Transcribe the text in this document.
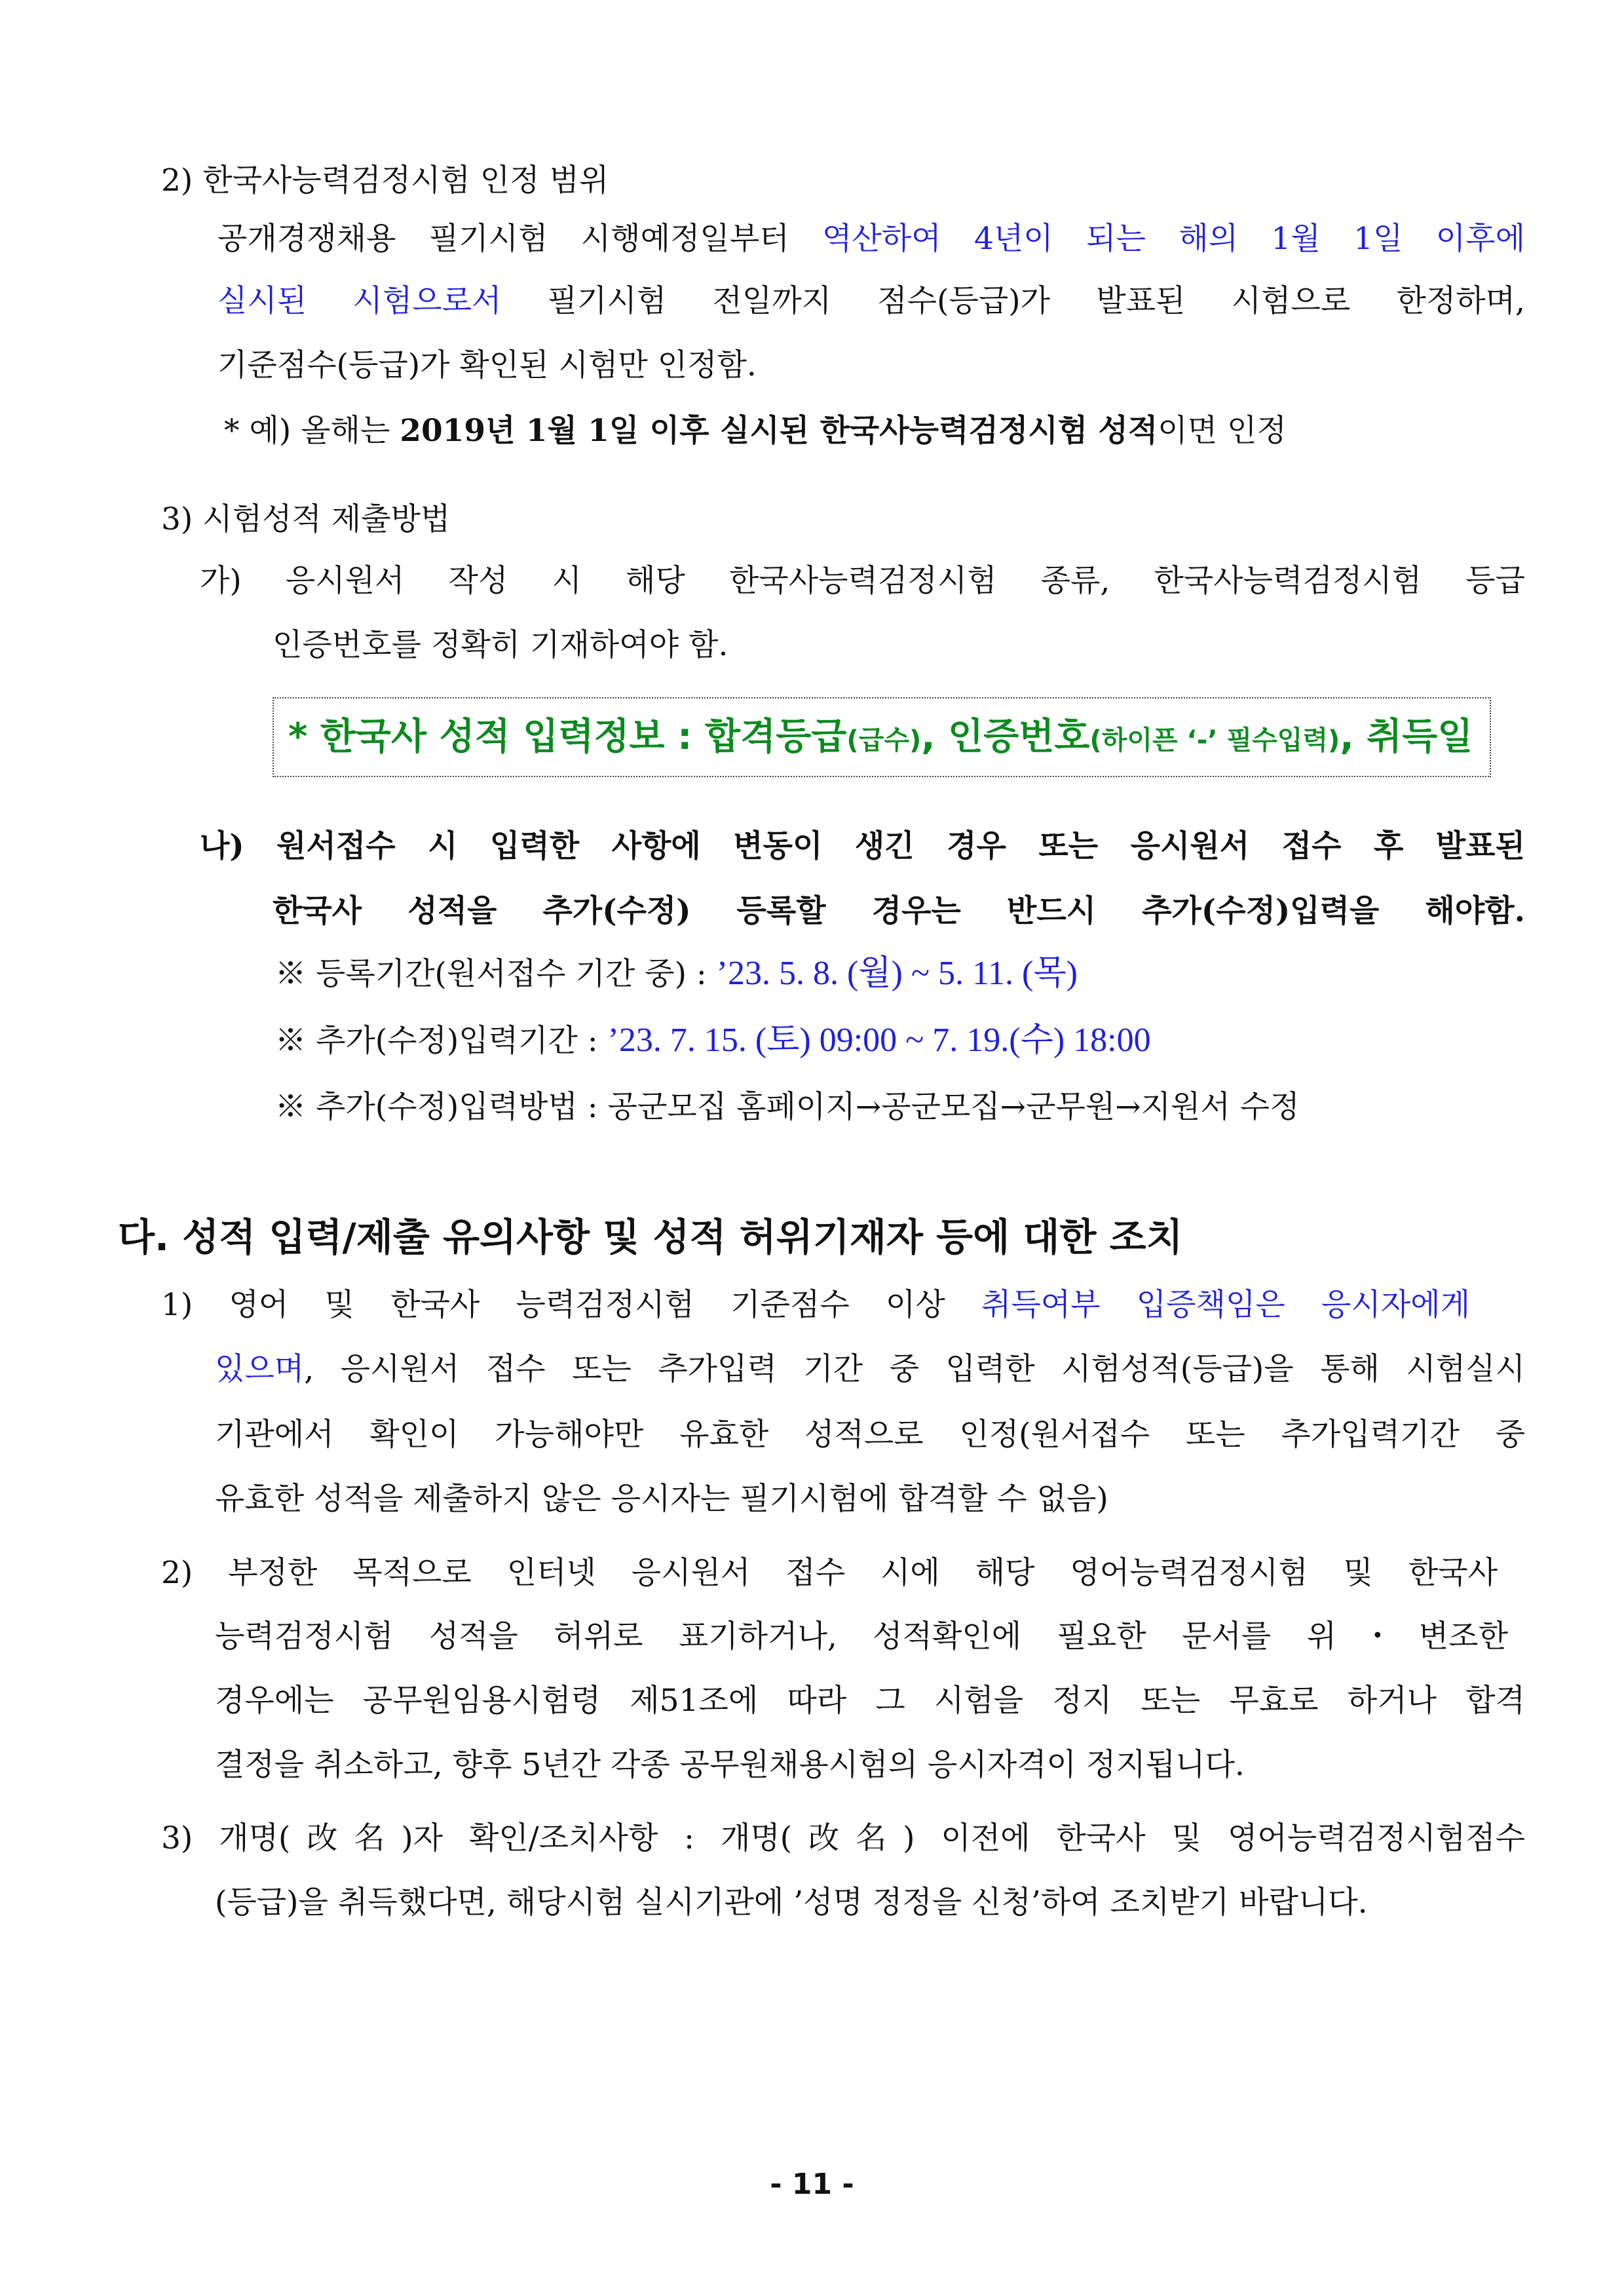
2) 한국사능력검정시험 인정 범위
공개경쟁채용 필기시험 시행예정일부터 역산하여 4년이 되는 해의 1월 1일 이후에
실시된 시험으로서 필기시험 전일까지 점수(등급)가 발표된 시험으로 한정하며,
기준점수(등급)가 확인된 시험만 인정함.
* 예) 올해는 2019년 1월 1일 이후 실시된 한국사능력검정시험 성적이면 인정
3) 시험성적 제출방법
가) 응시원서 작성 시 해당 한국사능력검정시험 종류, 한국사능력검정시험 등급
인증번호를 정확히 기재하여야 함.
* 한국사 성적 입력정보 : 합격등급(급수), 인증번호(하이픈 ‘-’ 필수입력), 취득일
나) 원서접수 시 입력한 사항에 변동이 생긴 경우 또는 응시원서 접수 후 발표된
한국사 성적을 추가(수정) 등록할 경우는 반드시 추가(수정)입력을 해야함.
※ 등록기간(원서접수 기간 중) : ’23. 5. 8. (월) ~ 5. 11. (목)
※ 추가(수정)입력기간 : ’23. 7. 15. (토) 09:00 ~ 7. 19.(수) 18:00
※ 추가(수정)입력방법 : 공군모집 홈페이지→공군모집→군무원→지원서 수정
다. 성적 입력/제출 유의사항 및 성적 허위기재자 등에 대한 조치
1) 영어 및 한국사 능력검정시험 기준점수 이상 취득여부 입증책임은 응시자에게
있으며, 응시원서 접수 또는 추가입력 기간 중 입력한 시험성적(등급)을 통해 시험실시
기관에서 확인이 가능해야만 유효한 성적으로 인정(원서접수 또는 추가입력기간 중
유효한 성적을 제출하지 않은 응시자는 필기시험에 합격할 수 없음)
2) 부정한 목적으로 인터넷 응시원서 접수 시에 해당 영어능력검정시험 및 한국사
능력검정시험 성적을 허위로 표기하거나, 성적확인에 필요한 문서를 위・변조한
경우에는 공무원임용시험령 제51조에 따라 그 시험을 정지 또는 무효로 하거나 합격
결정을 취소하고, 향후 5년간 각종 공무원채용시험의 응시자격이 정지됩니다.
3) 개명(改名)자 확인/조치사항 : 개명(改名) 이전에 한국사 및 영어능력검정시험점수
(등급)을 취득했다면, 해당시험 실시기관에 ’성명 정정을 신청’하여 조치받기 바랍니다.
- 11 -
